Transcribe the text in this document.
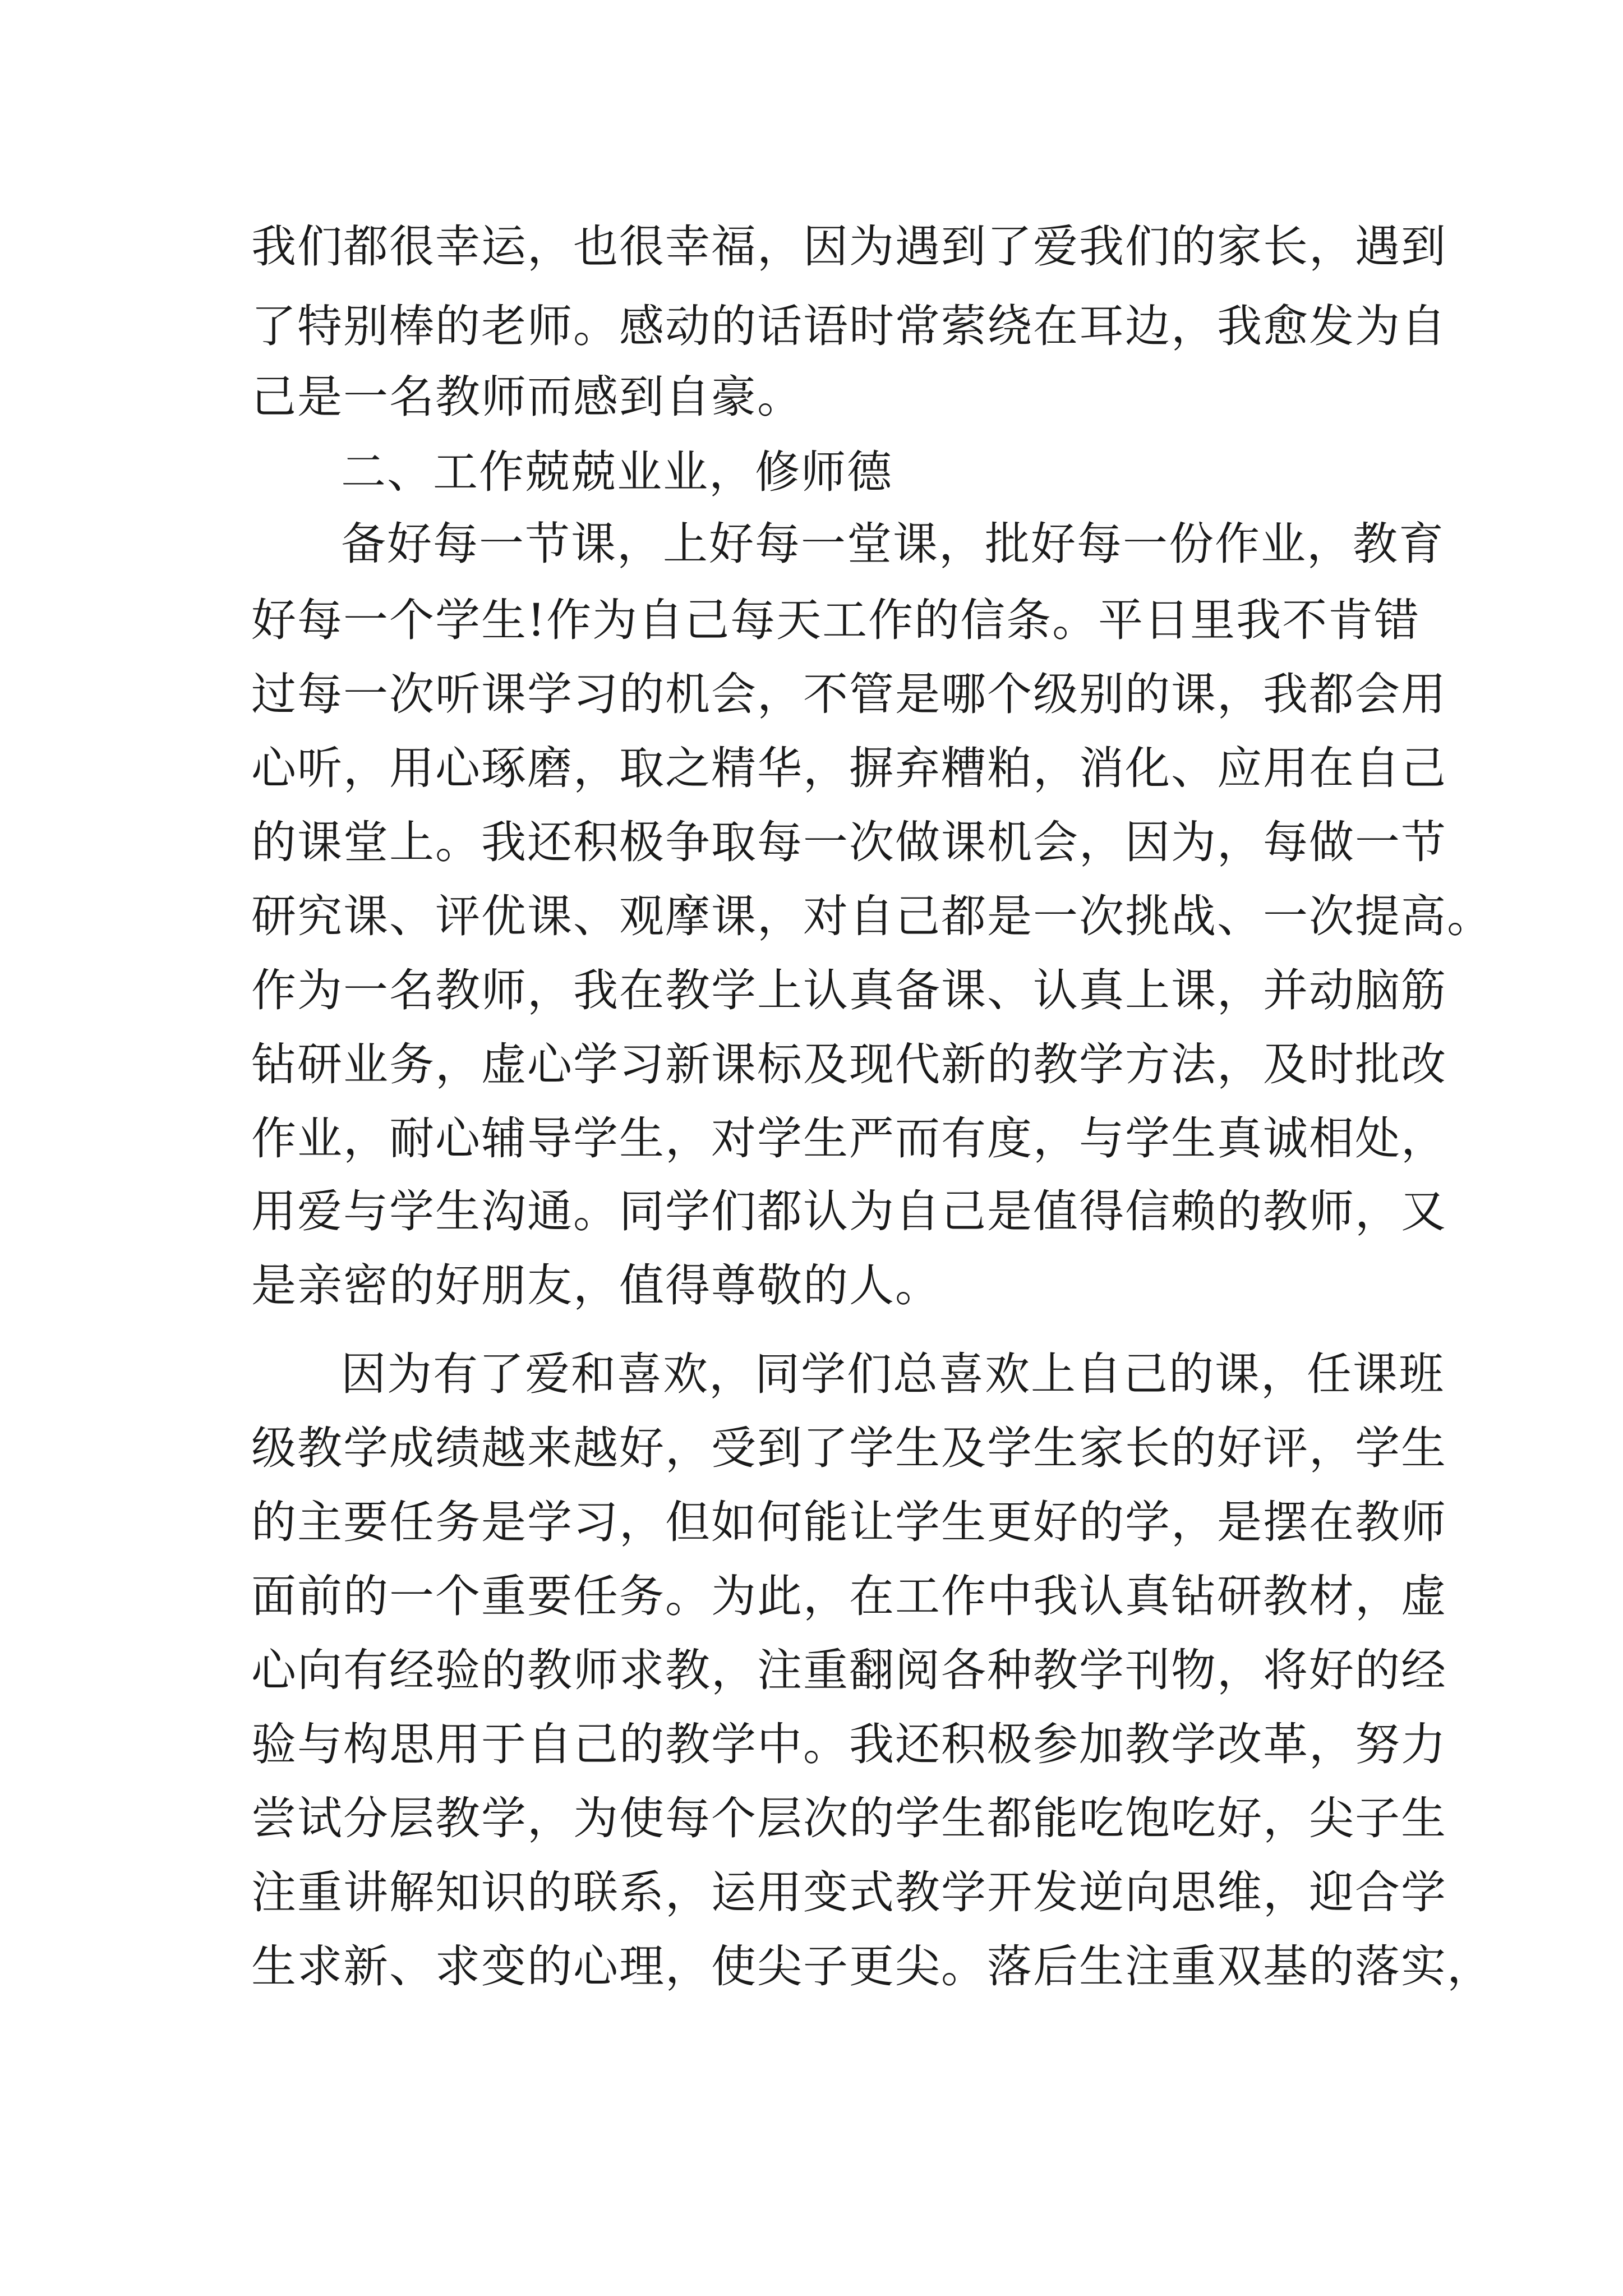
我们都很幸运，也很幸福，因为遇到了爱我们的家长，遇到
了特别棒的老师。感动的话语时常萦绕在耳边，我愈发为自
己是一名教师而感到自豪。
二、工作兢兢业业，修师德
备好每一节课，上好每一堂课，批好每一份作业，教育
好每一个学生!作为自己每天工作的信条。平日里我不肯错
过每一次听课学习的机会，不管是哪个级别的课，我都会用
心听，用心琢磨，取之精华，摒弃糟粕，消化、应用在自己
的课堂上。我还积极争取每一次做课机会，因为，每做一节
研究课、评优课、观摩课，对自己都是一次挑战、一次提高。
作为一名教师，我在教学上认真备课、认真上课，并动脑筋
钻研业务，虚心学习新课标及现代新的教学方法，及时批改
作业，耐心辅导学生，对学生严而有度，与学生真诚相处，
用爱与学生沟通。同学们都认为自己是值得信赖的教师，又
是亲密的好朋友，值得尊敬的人。
因为有了爱和喜欢，同学们总喜欢上自己的课，任课班
级教学成绩越来越好，受到了学生及学生家长的好评，学生
的主要任务是学习，但如何能让学生更好的学，是摆在教师
面前的一个重要任务。为此，在工作中我认真钻研教材，虚
心向有经验的教师求教，注重翻阅各种教学刊物，将好的经
验与构思用于自己的教学中。我还积极参加教学改革，努力
尝试分层教学，为使每个层次的学生都能吃饱吃好，尖子生
注重讲解知识的联系，运用变式教学开发逆向思维，迎合学
生求新、求变的心理，使尖子更尖。落后生注重双基的落实，
